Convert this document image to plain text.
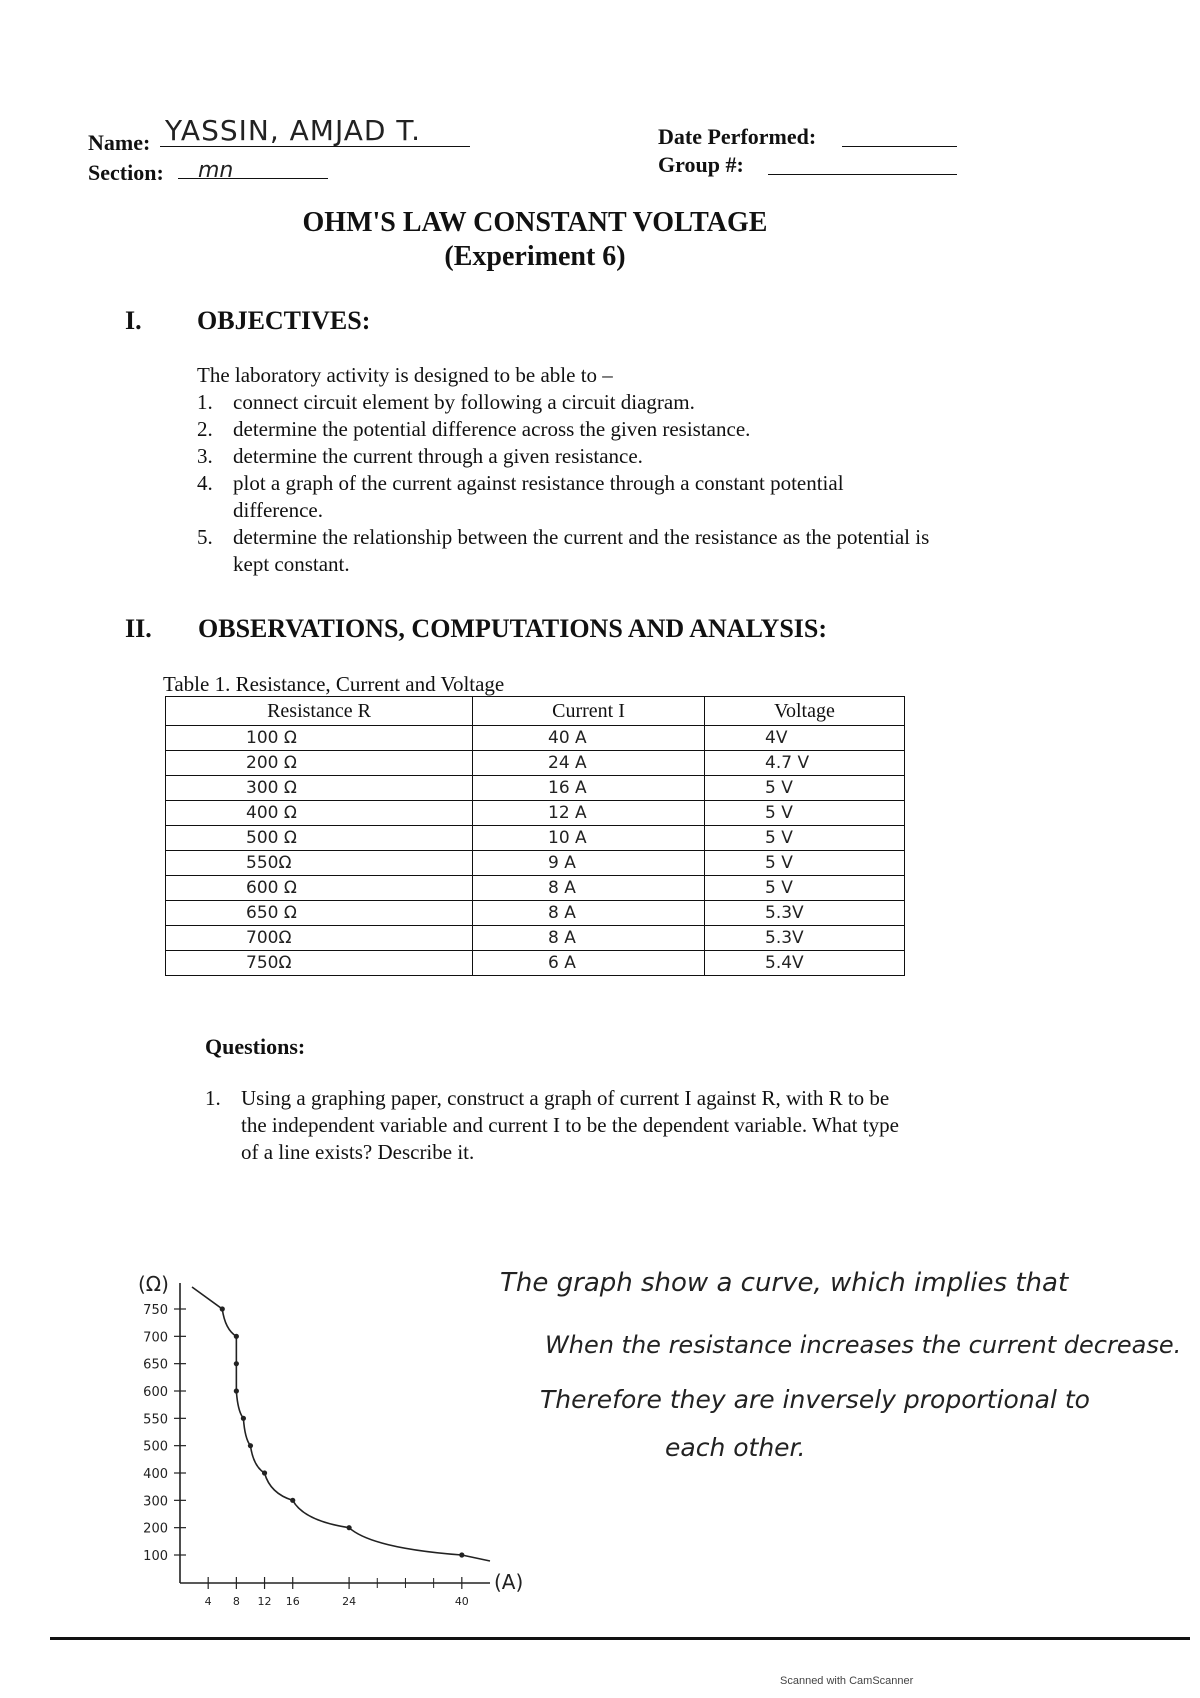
Name: YASSIN, AMJAD T.
Section: mn
Date Performed:
Group #:
OHM'S LAW CONSTANT VOLTAGE
(Experiment 6)
I. OBJECTIVES:
The laboratory activity is designed to be able to –
1. connect circuit element by following a circuit diagram.
2. determine the potential difference across the given resistance.
3. determine the current through a given resistance.
4. plot a graph of the current against resistance through a constant potential difference.
5. determine the relationship between the current and the resistance as the potential is kept constant.
II. OBSERVATIONS, COMPUTATIONS AND ANALYSIS:
Table 1. Resistance, Current and Voltage
Resistance R	Current I	Voltage
100 Ω	40 A	4V
200 Ω	24 A	4.7 V
300 Ω	16 A	5 V
400 Ω	12 A	5 V
500 Ω	10 A	5 V
550Ω	9 A	5 V
600 Ω	8 A	5 V
650 Ω	8 A	5.3V
700Ω	8 A	5.3V
750Ω	6 A	5.4V
Questions:
1. Using a graphing paper, construct a graph of current I against R, with R to be
the independent variable and current I to be the dependent variable. What type
of a line exists? Describe it.
(Ω)
(A)
750
700
650
600
550
500
400
300
200
100
4 8 12 16	24	40
The graph show a curve, which implies that
When the resistance increases the current decrease.
Therefore they are inversely proportional to
each other.
Scanned with CamScanner
